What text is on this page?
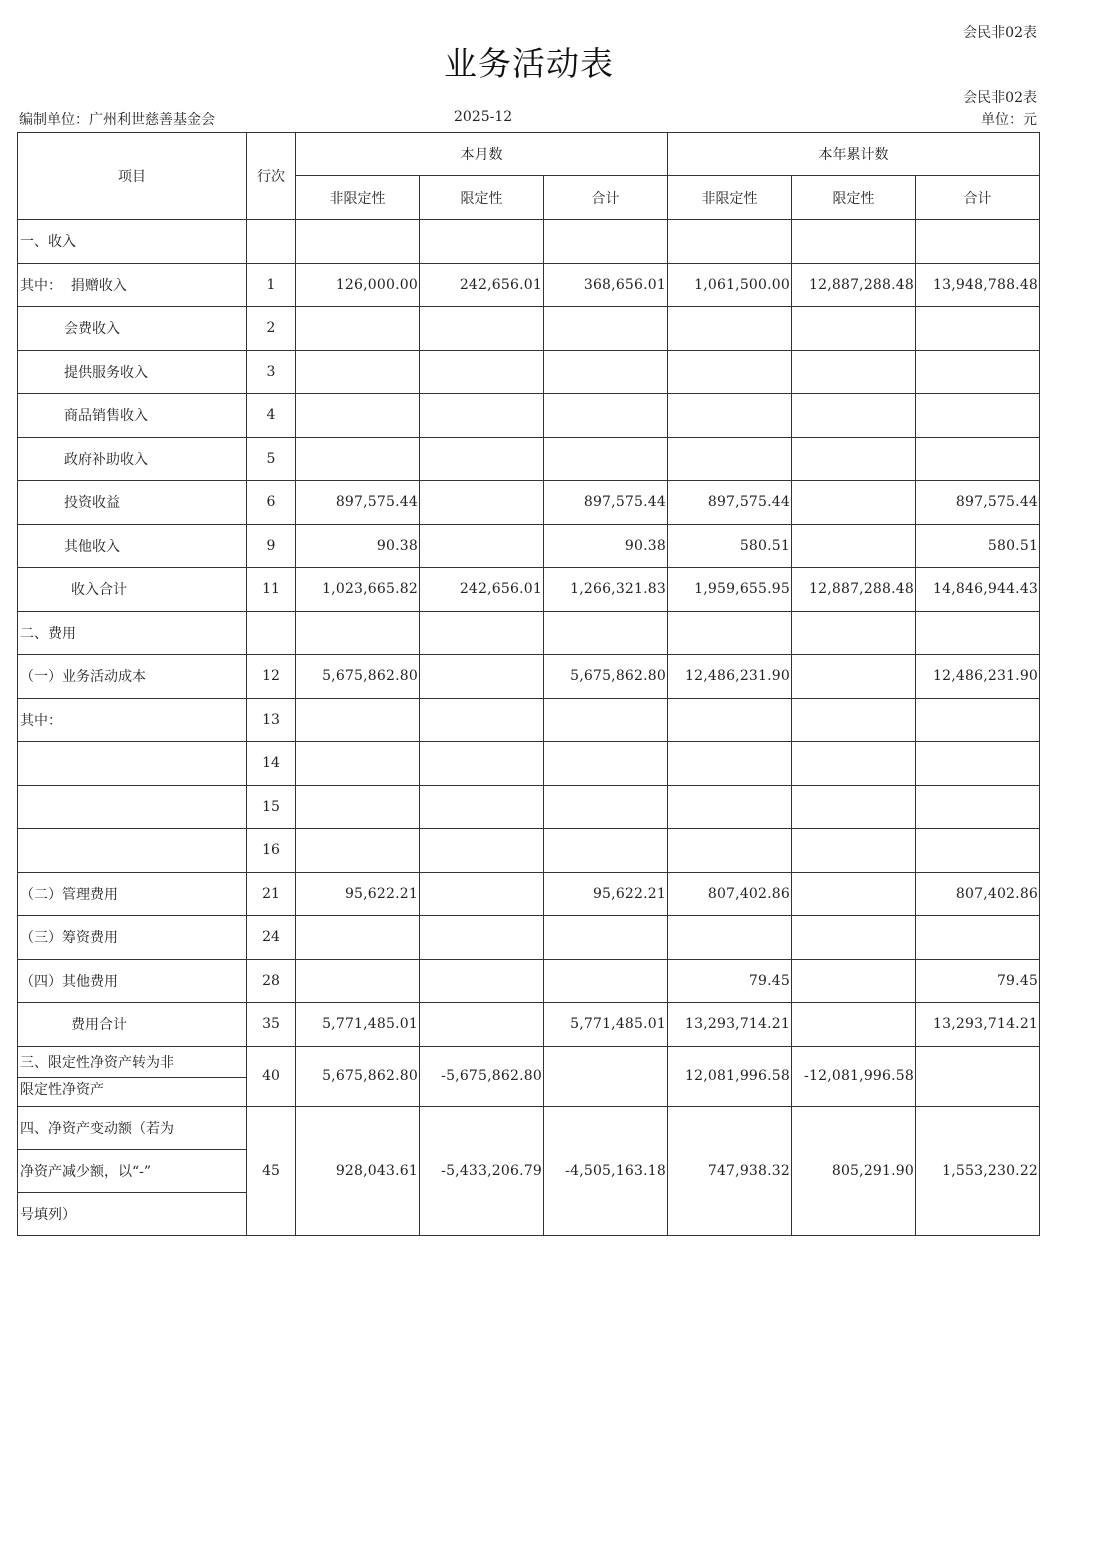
会民非02表
业务活动表
会民非02表
编制单位：广州利世慈善基金会	2025-12	单位：元
项目	行次	本月数			本年累计数		
		非限定性	限定性	合计	非限定性	限定性	合计
一、收入							
其中：  捐赠收入	1	126,000.00	242,656.01	368,656.01	1,061,500.00	12,887,288.48	13,948,788.48
会费收入	2						
提供服务收入	3						
商品销售收入	4						
政府补助收入	5						
投资收益	6	897,575.44		897,575.44	897,575.44		897,575.44
其他收入	9	90.38		90.38	580.51		580.51
收入合计	11	1,023,665.82	242,656.01	1,266,321.83	1,959,655.95	12,887,288.48	14,846,944.43
二、费用							
（一）业务活动成本	12	5,675,862.80		5,675,862.80	12,486,231.90		12,486,231.90
其中：	13						
	14						
	15						
	16						
（二）管理费用	21	95,622.21		95,622.21	807,402.86		807,402.86
（三）筹资费用	24						
（四）其他费用	28				79.45		79.45
费用合计	35	5,771,485.01		5,771,485.01	13,293,714.21		13,293,714.21
三、限定性净资产转为非	40	5,675,862.80	-5,675,862.80		12,081,996.58	-12,081,996.58	
限定性净资产							
四、净资产变动额（若为	45	928,043.61	-5,433,206.79	-4,505,163.18	747,938.32	805,291.90	1,553,230.22
净资产减少额，以“-”							
号填列）							
